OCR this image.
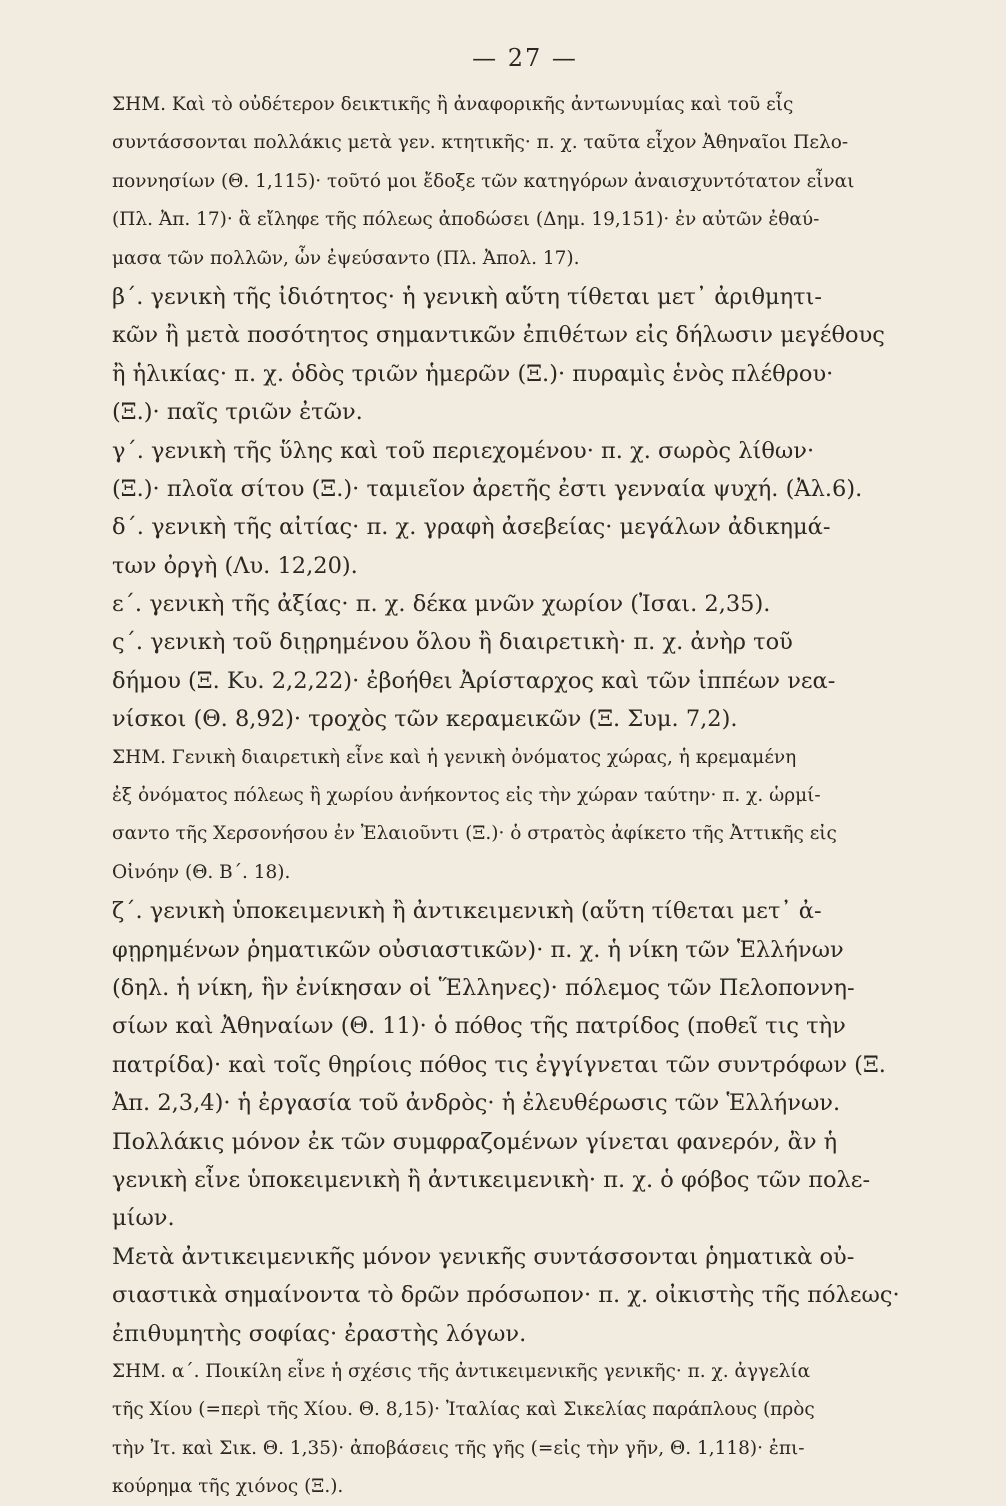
— 27 —
ΣΗΜ. Καὶ τὸ οὐδέτερον δεικτικῆς ἢ ἀναφορικῆς ἀντωνυμίας καὶ τοῦ εἷς
συντάσσονται πολλάκις μετὰ γεν. κτητικῆς· π. χ. ταῦτα εἶχον Ἀθηναῖοι Πελο-
ποννησίων (Θ. 1,115)· τοῦτό μοι ἔδοξε τῶν κατηγόρων ἀναισχυντότατον εἶναι
(Πλ. Ἀπ. 17)· ἃ εἴληφε τῆς πόλεως ἀποδώσει (Δημ. 19,151)· ἐν αὐτῶν ἐθαύ-
μασα τῶν πολλῶν, ὧν ἐψεύσαντο (Πλ. Ἀπολ. 17).
β΄. γενικὴ τῆς ἰδιότητος· ἡ γενικὴ αὕτη τίθεται μετ᾿ ἀριθμητι-
κῶν ἢ μετὰ ποσότητος σημαντικῶν ἐπιθέτων εἰς δήλωσιν μεγέθους
ἢ ἡλικίας· π. χ. ὁδὸς τριῶν ἡμερῶν (Ξ.)· πυραμὶς ἑνὸς πλέθρου·
(Ξ.)· παῖς τριῶν ἐτῶν.
γ΄. γενικὴ τῆς ὕλης καὶ τοῦ περιεχομένου· π. χ. σωρὸς λίθων·
(Ξ.)· πλοῖα σίτου (Ξ.)· ταμιεῖον ἀρετῆς ἐστι γενναία ψυχή. (Ἀλ.6).
δ΄. γενικὴ τῆς αἰτίας· π. χ. γραφὴ ἀσεβείας· μεγάλων ἀδικημά-
των ὀργὴ (Λυ. 12,20).
ε΄. γενικὴ τῆς ἀξίας· π. χ. δέκα μνῶν χωρίον (Ἰσαι. 2,35).
ς΄. γενικὴ τοῦ διῃρημένου ὅλου ἢ διαιρετικὴ· π. χ. ἀνὴρ τοῦ
δήμου (Ξ. Κυ. 2,2,22)· ἐβοήθει Ἀρίσταρχος καὶ τῶν ἱππέων νεα-
νίσκοι (Θ. 8,92)· τροχὸς τῶν κεραμεικῶν (Ξ. Συμ. 7,2).
ΣΗΜ. Γενικὴ διαιρετικὴ εἶνε καὶ ἡ γενικὴ ὀνόματος χώρας, ἡ κρεμαμένη
ἐξ ὀνόματος πόλεως ἢ χωρίου ἀνήκοντος εἰς τὴν χώραν ταύτην· π. χ. ὡρμί-
σαντο τῆς Χερσονήσου ἐν Ἐλαιοῦντι (Ξ.)· ὁ στρατὸς ἀφίκετο τῆς Ἀττικῆς εἰς
Οἰνόην (Θ. Β΄. 18).
ζ΄. γενικὴ ὑποκειμενικὴ ἢ ἀντικειμενικὴ (αὕτη τίθεται μετ᾿ ἀ-
φῃρημένων ῥηματικῶν οὐσιαστικῶν)· π. χ. ἡ νίκη τῶν Ἑλλήνων
(δηλ. ἡ νίκη, ἣν ἐνίκησαν οἱ Ἕλληνες)· πόλεμος τῶν Πελοποννη-
σίων καὶ Ἀθηναίων (Θ. 11)· ὁ πόθος τῆς πατρίδος (ποθεῖ τις τὴν
πατρίδα)· καὶ τοῖς θηρίοις πόθος τις ἐγγίγνεται τῶν συντρόφων (Ξ.
Ἀπ. 2,3,4)· ἡ ἐργασία τοῦ ἀνδρὸς· ἡ ἐλευθέρωσις τῶν Ἑλλήνων.
Πολλάκις μόνον ἐκ τῶν συμφραζομένων γίνεται φανερόν, ἂν ἡ
γενικὴ εἶνε ὑποκειμενικὴ ἢ ἀντικειμενικὴ· π. χ. ὁ φόβος τῶν πολε-
μίων.
Μετὰ ἀντικειμενικῆς μόνον γενικῆς συντάσσονται ῥηματικὰ οὐ-
σιαστικὰ σημαίνοντα τὸ δρῶν πρόσωπον· π. χ. οἰκιστὴς τῆς πόλεως·
ἐπιθυμητὴς σοφίας· ἐραστὴς λόγων.
ΣΗΜ. α΄. Ποικίλη εἶνε ἡ σχέσις τῆς ἀντικειμενικῆς γενικῆς· π. χ. ἀγγελία
τῆς Χίου (=περὶ τῆς Χίου. Θ. 8,15)· Ἰταλίας καὶ Σικελίας παράπλους (πρὸς
τὴν Ἰτ. καὶ Σικ. Θ. 1,35)· ἀποβάσεις τῆς γῆς (=εἰς τὴν γῆν, Θ. 1,118)· ἐπι-
κούρημα τῆς χιόνος (Ξ.).
